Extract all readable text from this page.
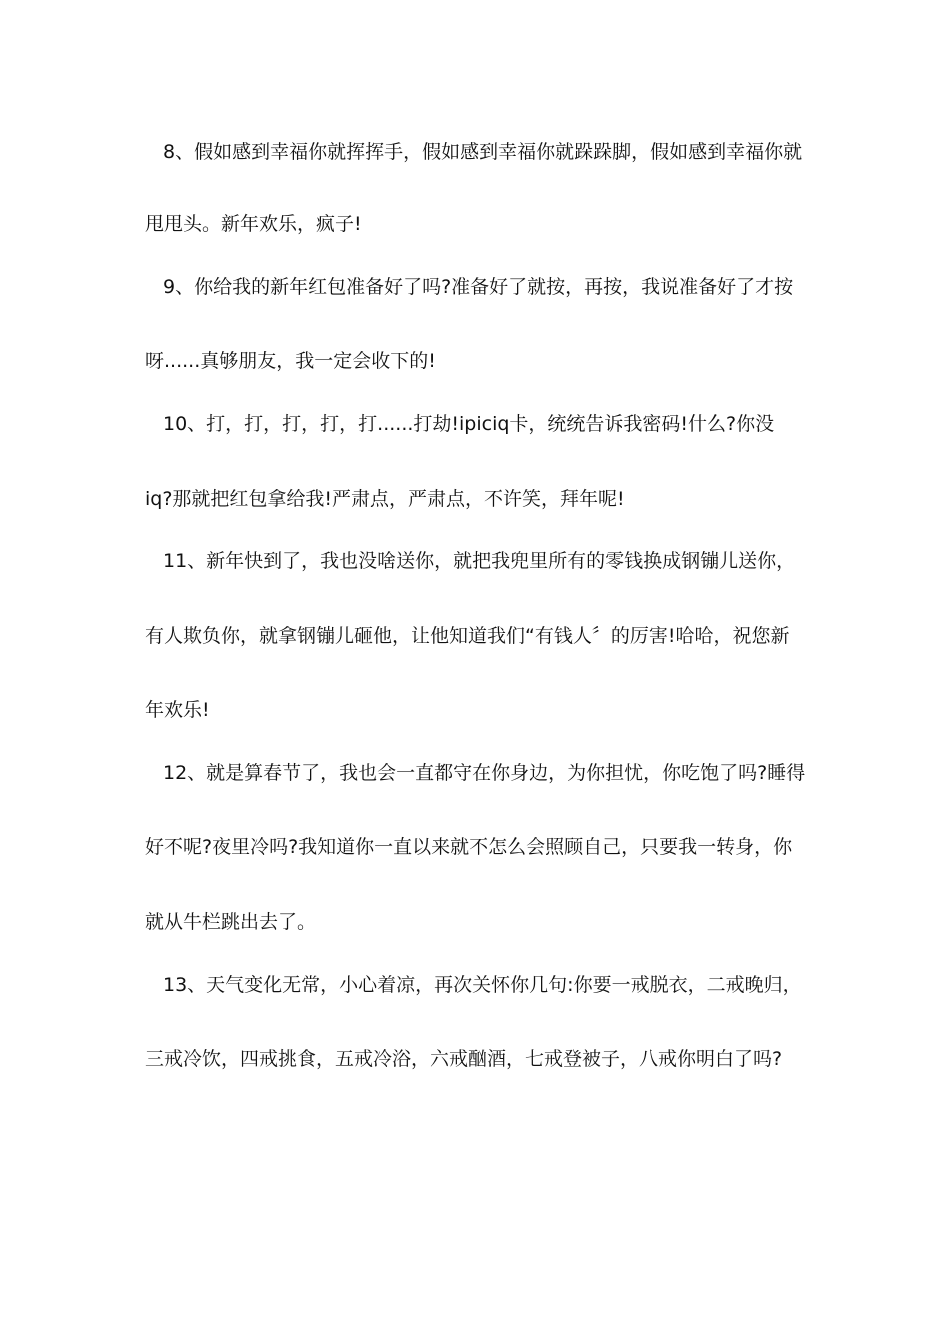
8、假如感到幸福你就挥挥手，假如感到幸福你就跺跺脚，假如感到幸福你就
甩甩头。新年欢乐，疯子!
9、你给我的新年红包准备好了吗?准备好了就按，再按，我说准备好了才按
呀......真够朋友，我一定会收下的!
10、打，打，打，打，打......打劫!ipiciq卡，统统告诉我密码!什么?你没
iq?那就把红包拿给我!严肃点，严肃点，不许笑，拜年呢!
11、新年快到了，我也没啥送你，就把我兜里所有的零钱换成钢镚儿送你，
有人欺负你，就拿钢镚儿砸他，让他知道我们“有钱人〞的厉害!哈哈，祝您新
年欢乐!
12、就是算春节了，我也会一直都守在你身边，为你担忧，你吃饱了吗?睡得
好不呢?夜里冷吗?我知道你一直以来就不怎么会照顾自己，只要我一转身，你
就从牛栏跳出去了。
13、天气变化无常，小心着凉，再次关怀你几句:你要一戒脱衣，二戒晚归，
三戒冷饮，四戒挑食，五戒冷浴，六戒酗酒，七戒登被子，八戒你明白了吗?
